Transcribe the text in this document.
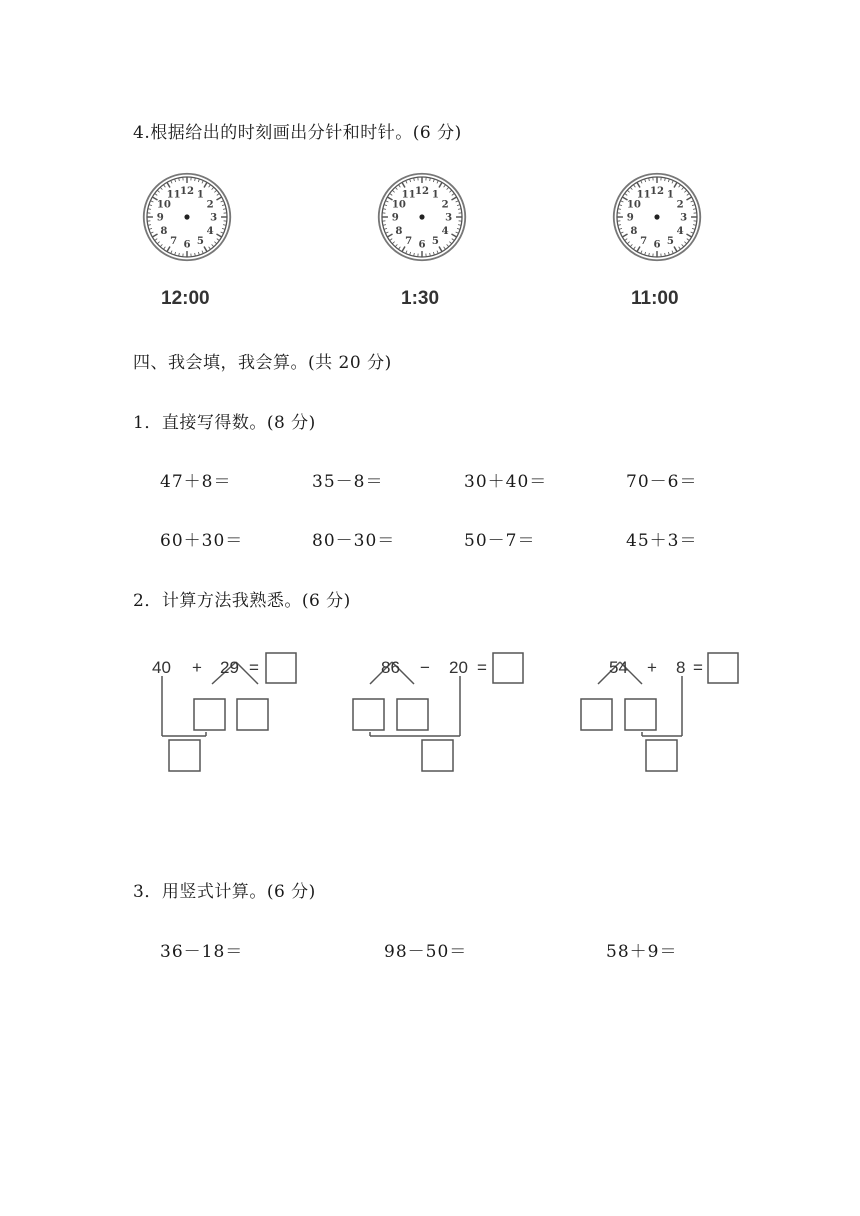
4.根据给出的时刻画出分针和时针。(6 分)
12 1
2
3
4
5
6
7
8
9
10
11	12 1
2
3
4
5
6
7
8
9
10
11	12 1
2
3
4
5
6
7
8
9
10
11
12:00	1:30	11:00
四、我会填，我会算。(共 20 分)
1．直接写得数。(8 分)
47＋8＝	35－8＝	30＋40＝	70－6＝
60＋30＝	80－30＝	50－7＝	45＋3＝
2．计算方法我熟悉。(6 分)
40 + 29 =	86 − 20 =	54 + 8 =
3．用竖式计算。(6 分)
36－18＝	98－50＝	58＋9＝
